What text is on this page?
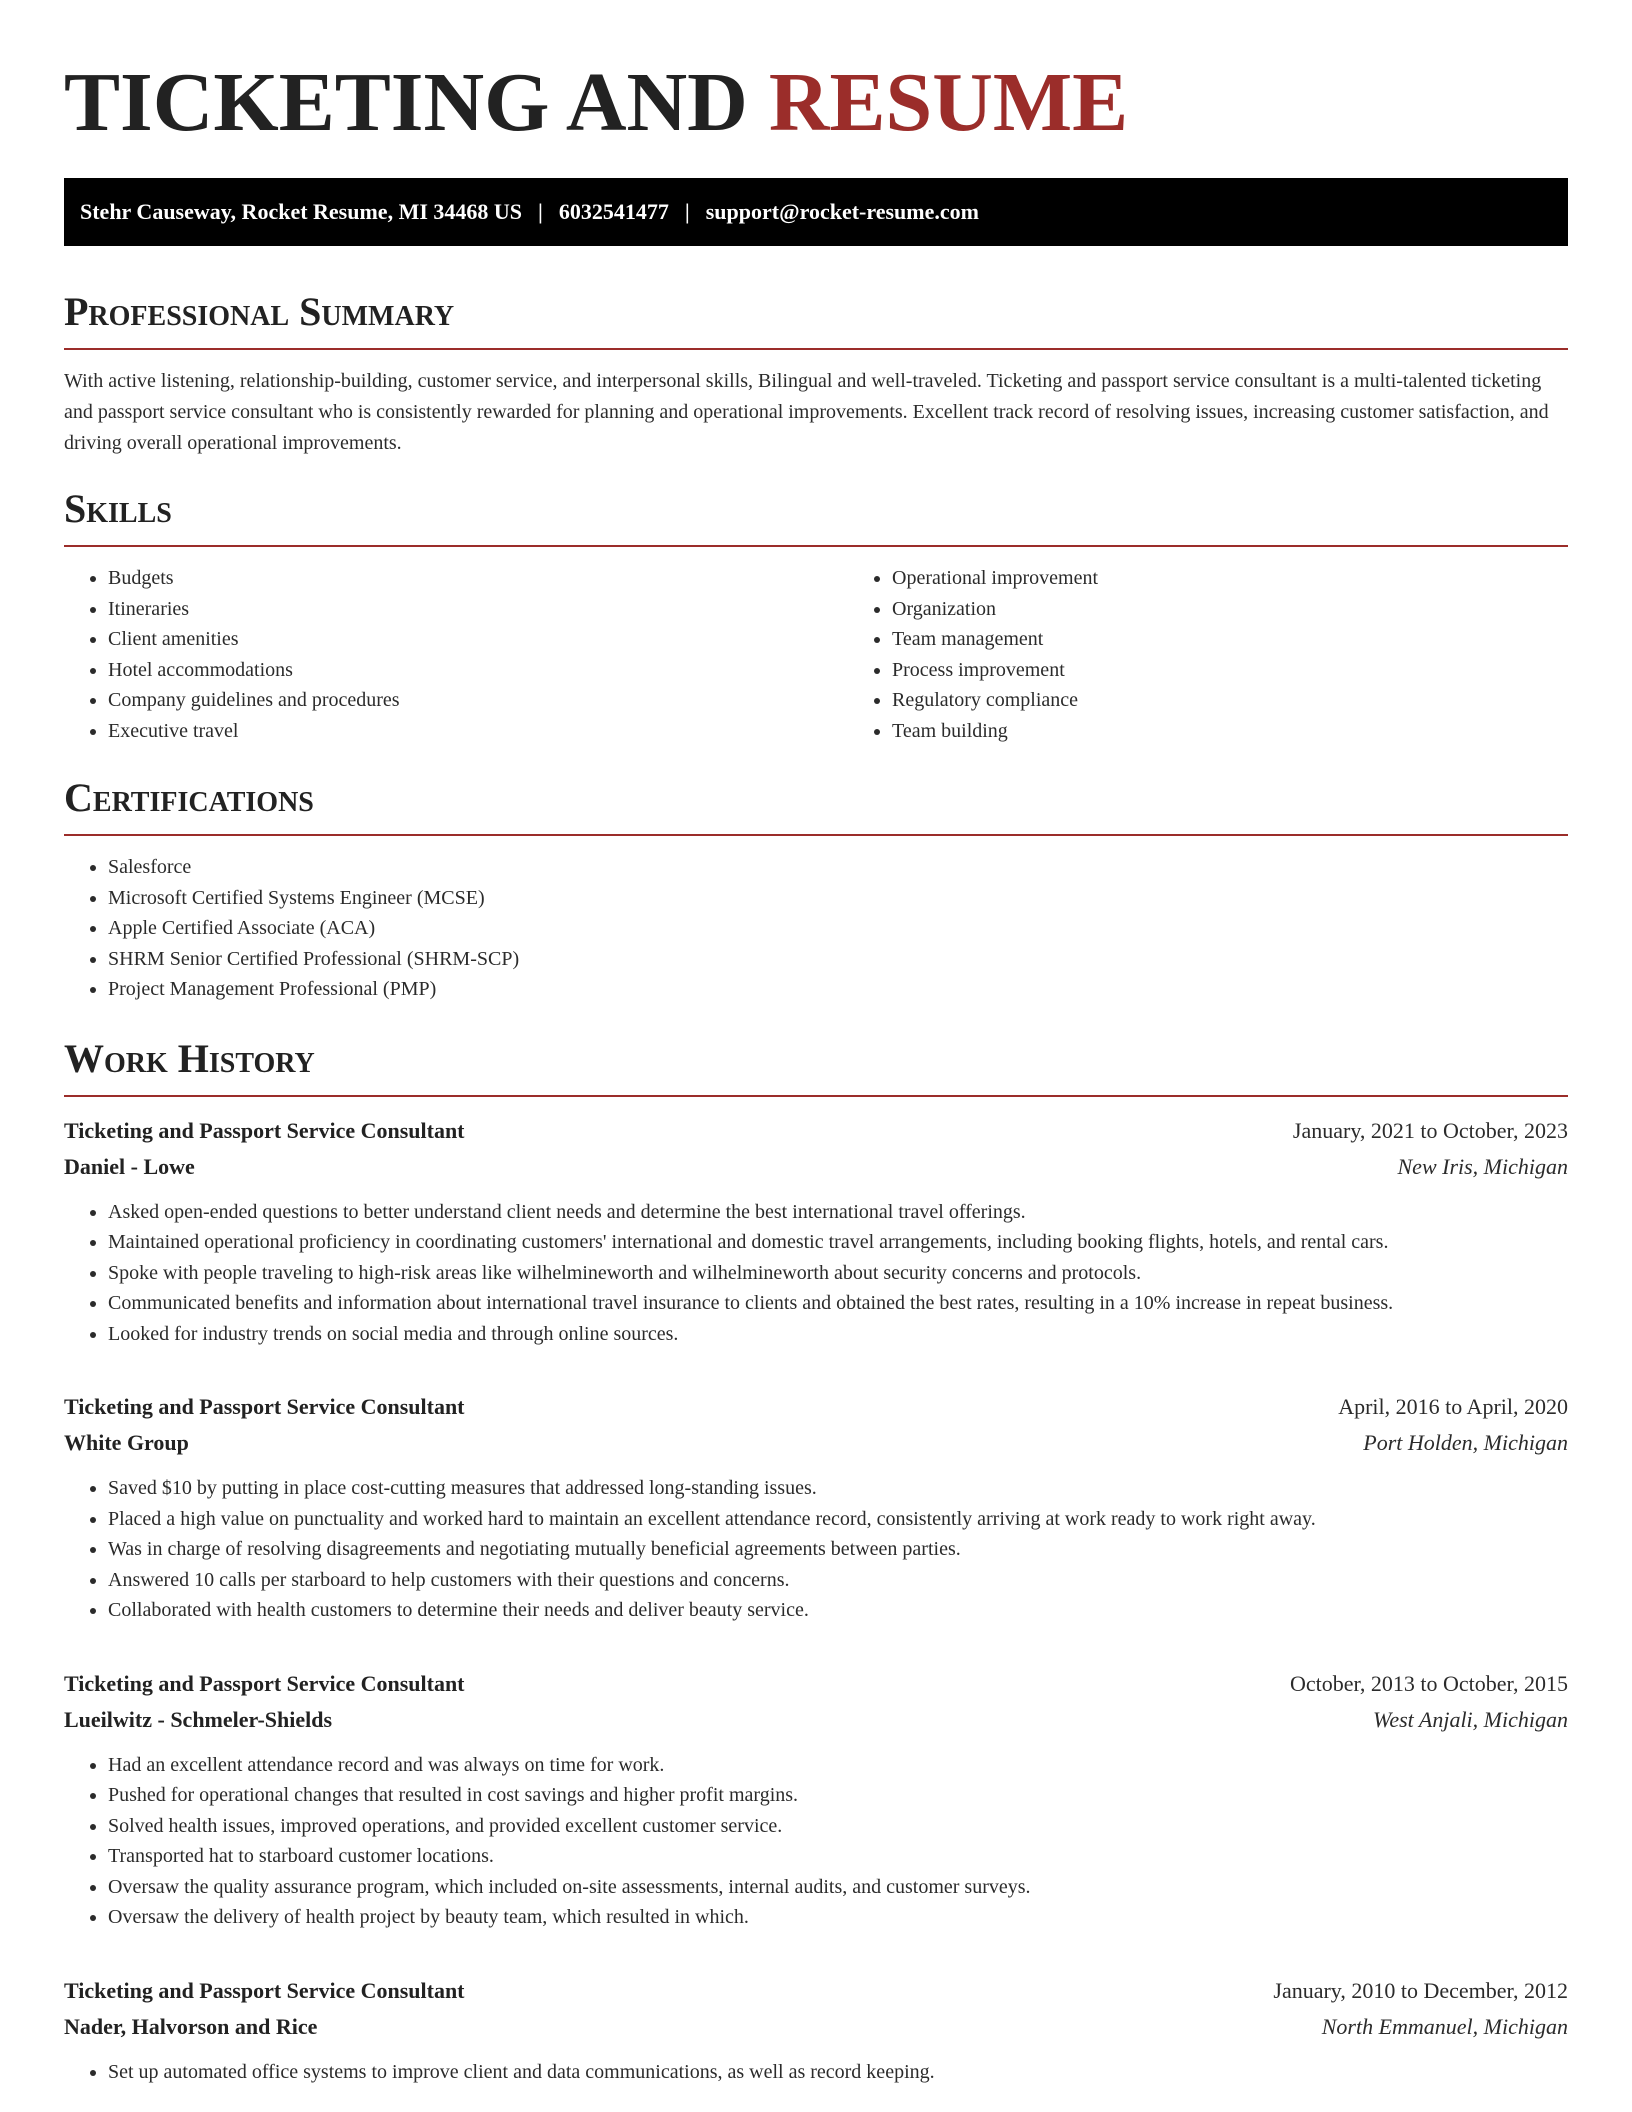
TICKETING AND RESUME
Stehr Causeway, Rocket Resume, MI 34468 US | 6032541477 | support@rocket-resume.com
Professional Summary
With active listening, relationship-building, customer service, and interpersonal skills, Bilingual and well-traveled. Ticketing and passport service consultant is a multi-talented ticketing and passport service consultant who is consistently rewarded for planning and operational improvements. Excellent track record of resolving issues, increasing customer satisfaction, and driving overall operational improvements.
Skills
• Budgets
• Itineraries
• Client amenities
• Hotel accommodations
• Company guidelines and procedures
• Executive travel
• Operational improvement
• Organization
• Team management
• Process improvement
• Regulatory compliance
• Team building
Certifications
• Salesforce
• Microsoft Certified Systems Engineer (MCSE)
• Apple Certified Associate (ACA)
• SHRM Senior Certified Professional (SHRM-SCP)
• Project Management Professional (PMP)
Work History
Ticketing and Passport Service Consultant	January, 2021 to October, 2023
Daniel - Lowe	New Iris, Michigan
• Asked open-ended questions to better understand client needs and determine the best international travel offerings.
• Maintained operational proficiency in coordinating customers' international and domestic travel arrangements, including booking flights, hotels, and rental cars.
• Spoke with people traveling to high-risk areas like wilhelmineworth and wilhelmineworth about security concerns and protocols.
• Communicated benefits and information about international travel insurance to clients and obtained the best rates, resulting in a 10% increase in repeat business.
• Looked for industry trends on social media and through online sources.
Ticketing and Passport Service Consultant	April, 2016 to April, 2020
White Group	Port Holden, Michigan
• Saved $10 by putting in place cost-cutting measures that addressed long-standing issues.
• Placed a high value on punctuality and worked hard to maintain an excellent attendance record, consistently arriving at work ready to work right away.
• Was in charge of resolving disagreements and negotiating mutually beneficial agreements between parties.
• Answered 10 calls per starboard to help customers with their questions and concerns.
• Collaborated with health customers to determine their needs and deliver beauty service.
Ticketing and Passport Service Consultant	October, 2013 to October, 2015
Lueilwitz - Schmeler-Shields	West Anjali, Michigan
• Had an excellent attendance record and was always on time for work.
• Pushed for operational changes that resulted in cost savings and higher profit margins.
• Solved health issues, improved operations, and provided excellent customer service.
• Transported hat to starboard customer locations.
• Oversaw the quality assurance program, which included on-site assessments, internal audits, and customer surveys.
• Oversaw the delivery of health project by beauty team, which resulted in which.
Ticketing and Passport Service Consultant	January, 2010 to December, 2012
Nader, Halvorson and Rice	North Emmanuel, Michigan
• Set up automated office systems to improve client and data communications, as well as record keeping.
